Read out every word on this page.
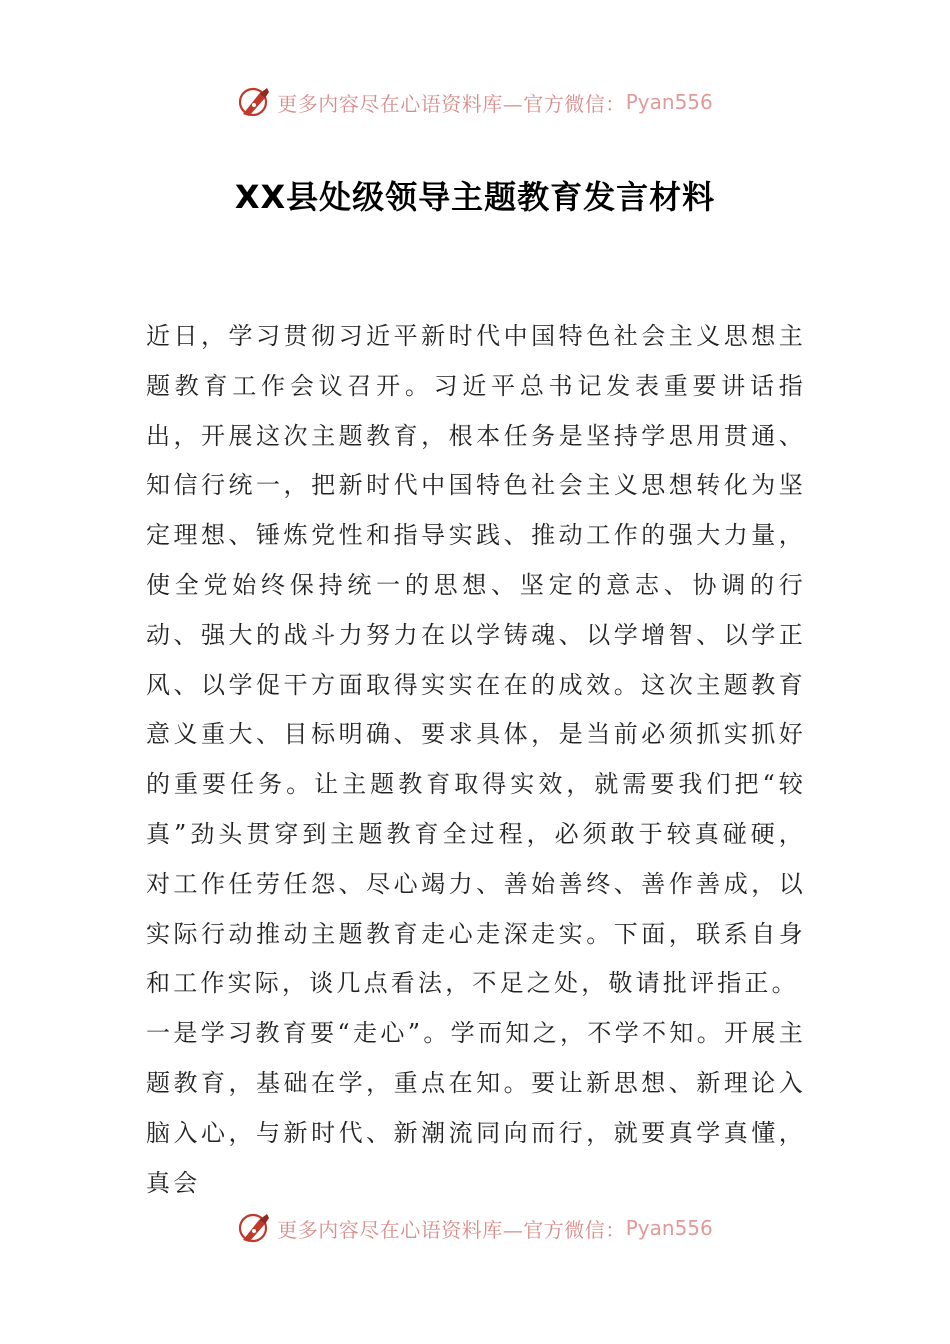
更多内容尽在心语资料库—官方微信： Pyan556
XX县处级领导主题教育发言材料

近日，学习贯彻习近平新时代中国特色社会主义思想主题教育工作会议召开。习近平总书记发表重要讲话指出，开展这次主题教育，根本任务是坚持学思用贯通、知信行统一，把新时代中国特色社会主义思想转化为坚定理想、锤炼党性和指导实践、推动工作的强大力量，使全党始终保持统一的思想、坚定的意志、协调的行动、强大的战斗力努力在以学铸魂、以学增智、以学正风、以学促干方面取得实实在在的成效。这次主题教育意义重大、目标明确、要求具体，是当前必须抓实抓好的重要任务。让主题教育取得实效，就需要我们把“较真”劲头贯穿到主题教育全过程，必须敢于较真碰硬，对工作任劳任怨、尽心竭力、善始善终、善作善成，以实际行动推动主题教育走心走深走实。下面，联系自身和工作实际，谈几点看法，不足之处，敬请批评指正。

一是学习教育要“走心”。学而知之，不学不知。开展主题教育，基础在学，重点在知。要让新思想、新理论入脑入心，与新时代、新潮流同向而行，就要真学真懂，真会

更多内容尽在心语资料库—官方微信： Pyan556
